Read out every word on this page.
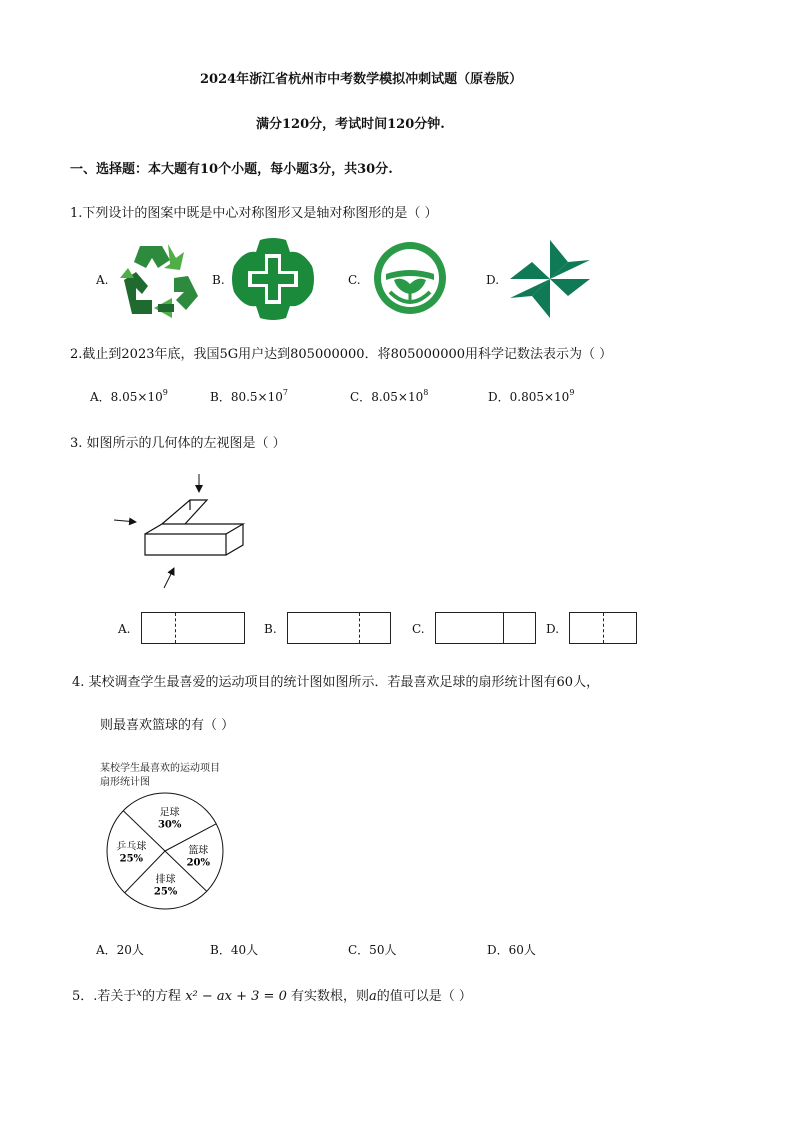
2024年浙江省杭州市中考数学模拟冲刺试题（原卷版）
满分120分，考试时间120分钟.
一、选择题：本大题有10个小题，每小题3分，共30分.
1.下列设计的图案中既是中心对称图形又是轴对称图形的是（ ）
A.	B.	C.	D.
2.截止到2023年底，我国5G用户达到805000000．将805000000用科学记数法表示为（ ）
A．$8.05\times 10^9$	B．$80.5\times 10^7$	C．$8.05\times 10^8$	D．$0.805\times 10^9$
3. 如图所示的几何体的左视图是（ ）
A.	B.	C.	D.
4. 某校调查学生最喜爱的运动项目的统计图如图所示．若最喜欢足球的扇形统计图有60人，
则最喜欢篮球的有（ ）
某校学生最喜欢的运动项目
扇形统计图
足球
30%
篮球
20%
排球
25%
乒乓球
25%
A．20人	B．40人	C．50人	D．60人
5．.若关于$^x$的方程 x² − ax + 3 = 0 有实数根，则a的值可以是（ ）
